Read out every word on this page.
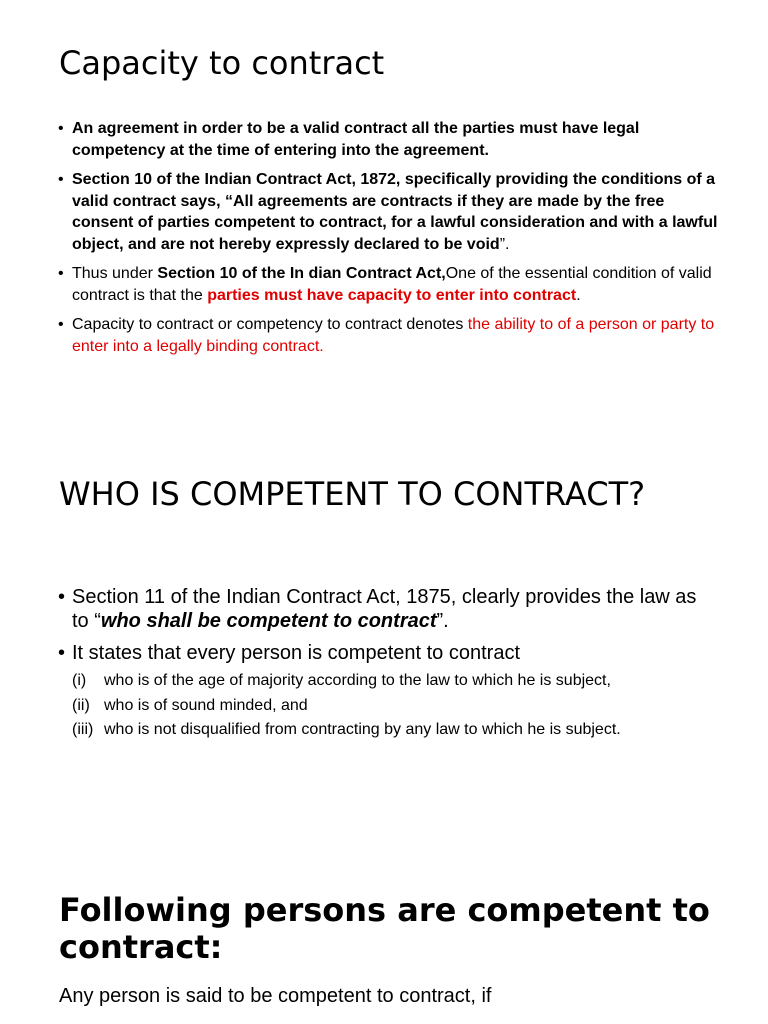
Capacity to contract
• An agreement in order to be a valid contract all the parties must have legal competency at the time of entering into the agreement.
• Section 10 of the Indian Contract Act, 1872, specifically providing the conditions of a valid contract says, “All agreements are contracts if they are made by the free consent of parties competent to contract, for a lawful consideration and with a lawful object, and are not hereby expressly declared to be void”.
• Thus under Section 10 of the In dian Contract Act,One of the essential condition of valid contract is that the parties must have capacity to enter into contract.
• Capacity to contract or competency to contract denotes the ability to of a person or party to enter into a legally binding contract.
WHO IS COMPETENT TO CONTRACT?
• Section 11 of the Indian Contract Act, 1875, clearly provides the law as to “who shall be competent to contract”.
• It states that every person is competent to contract
(i)	who is of the age of majority according to the law to which he is subject,
(ii) who is of sound minded, and
(iii) who is not disqualified from contracting by any law to which he is subject.
Following persons are competent to contract:
Any person is said to be competent to contract, if
